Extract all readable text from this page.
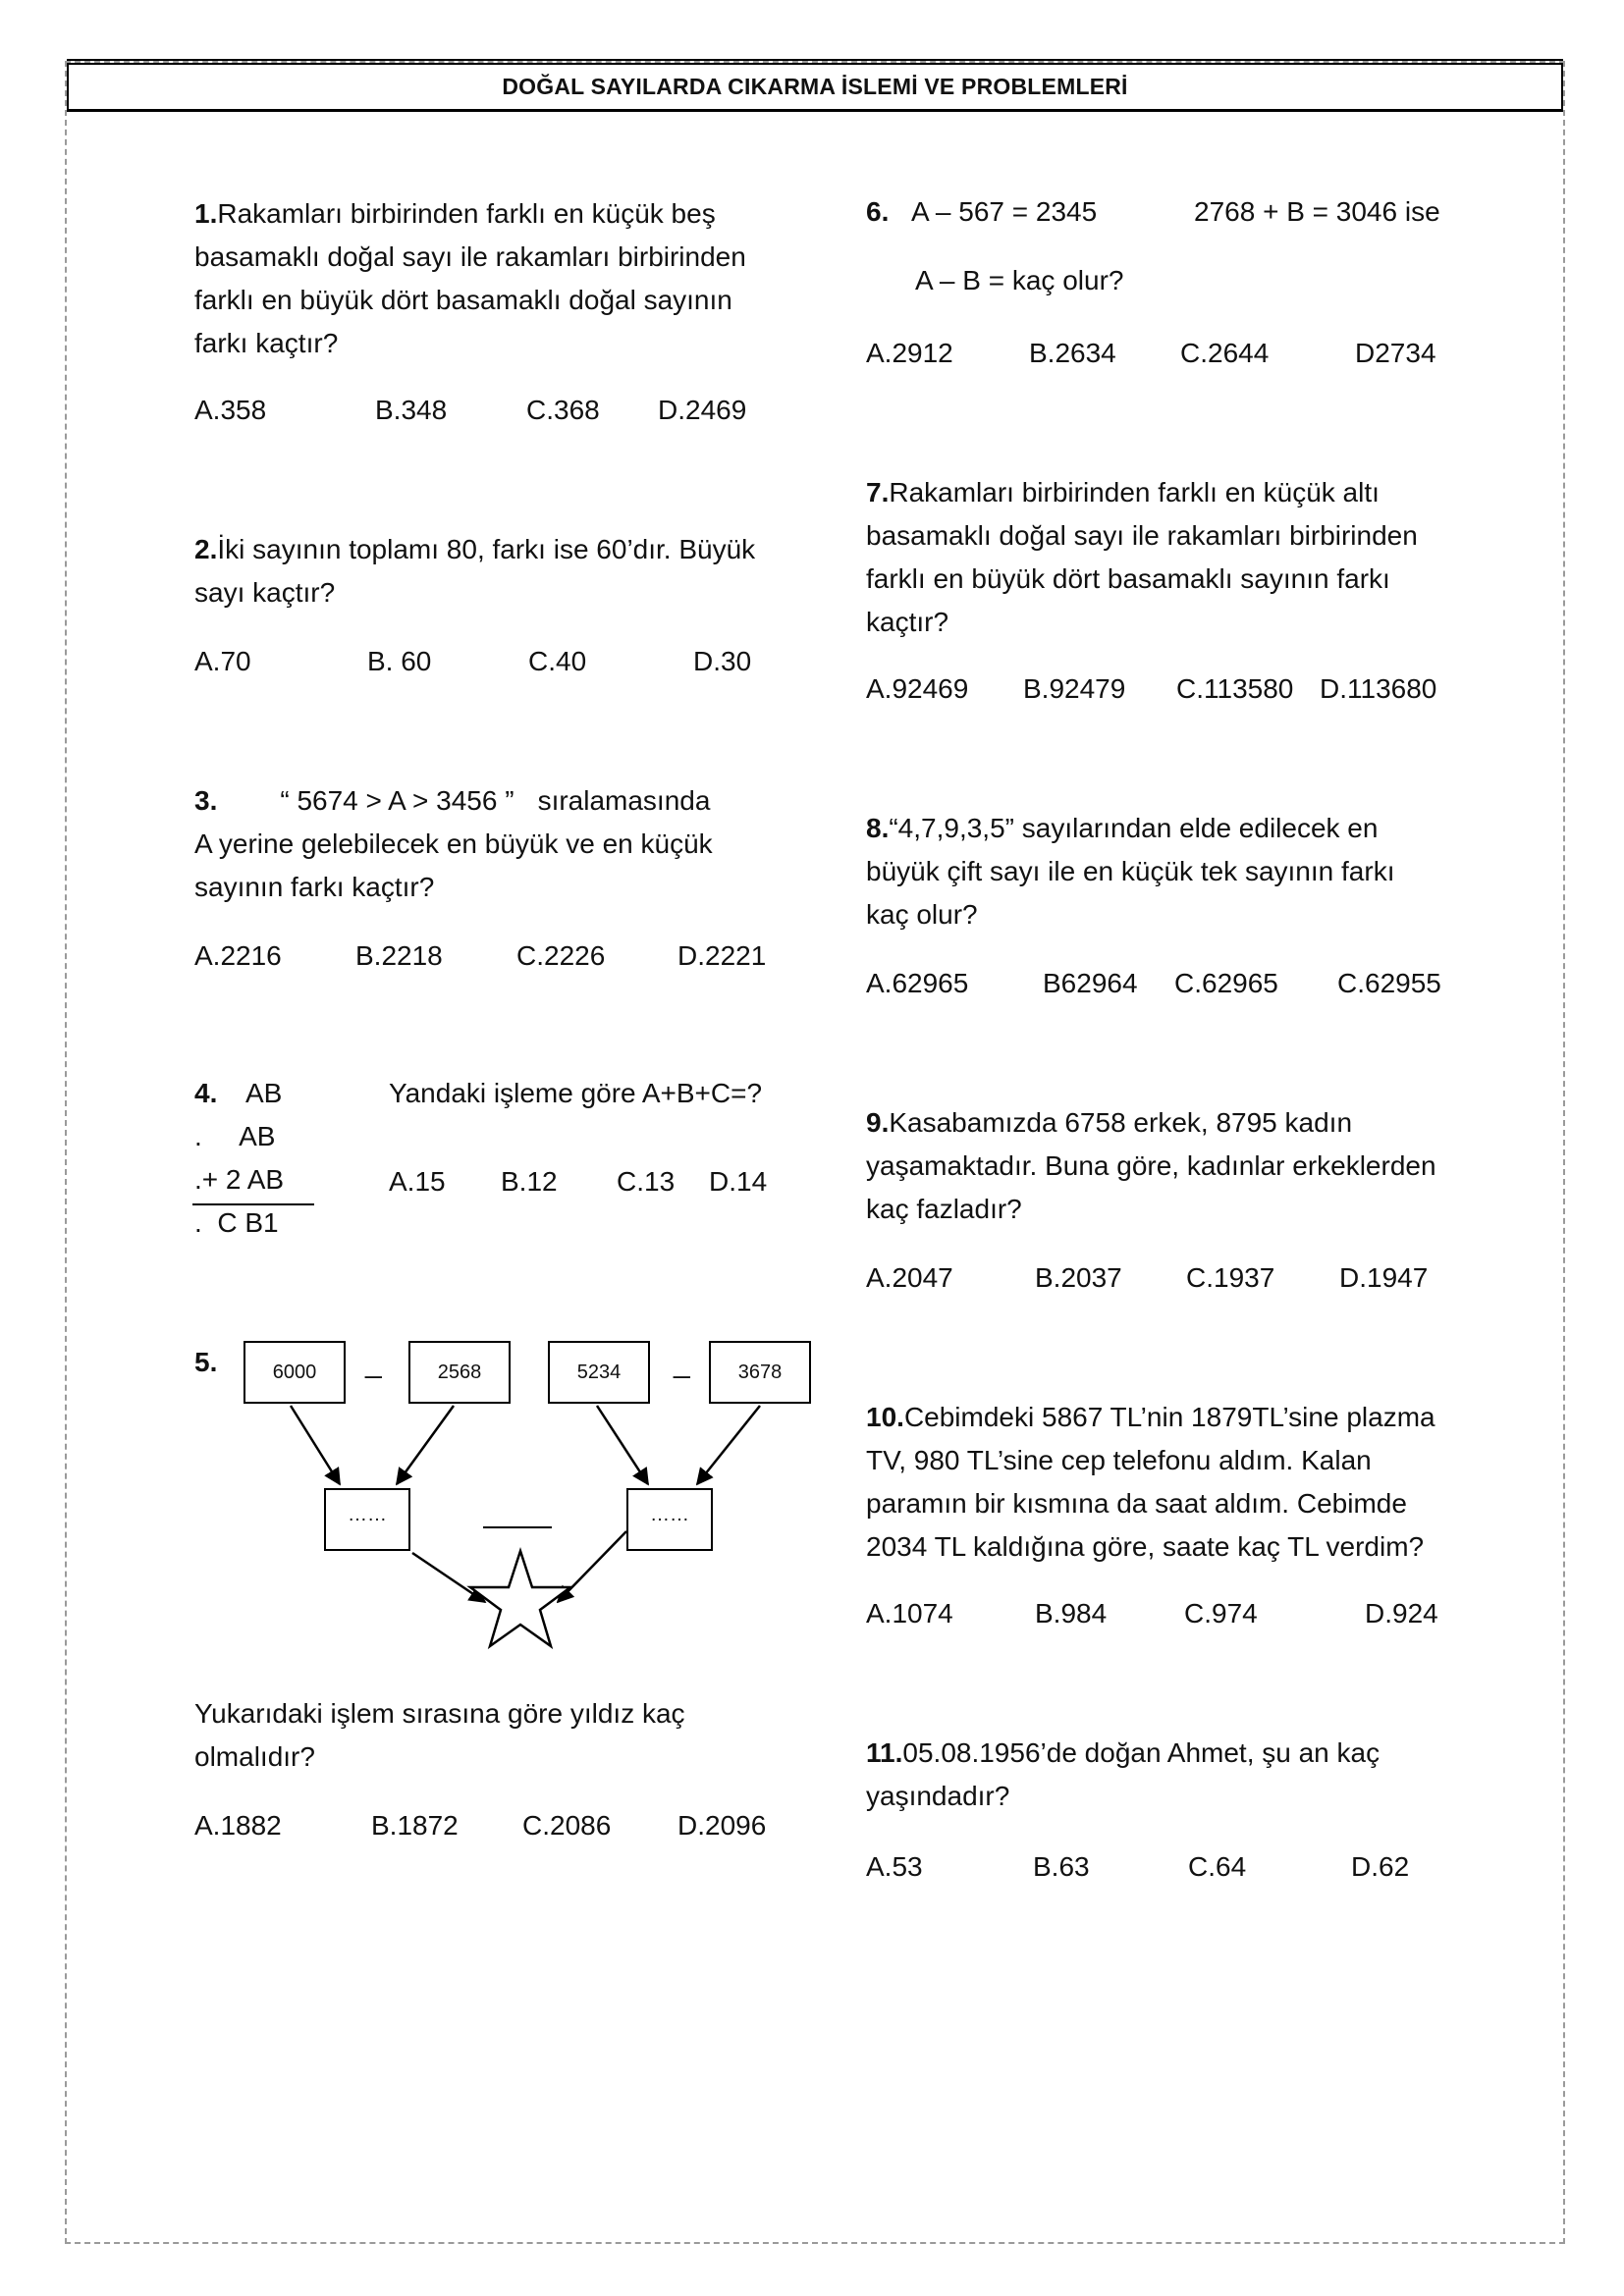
DOĞAL SAYILARDA CIKARMA İSLEMİ VE PROBLEMLERİ
1.Rakamları birbirinden farklı en küçük beş
basamaklı doğal sayı ile rakamları birbirinden
farklı en büyük dört basamaklı doğal sayının
farkı kaçtır?
A.358	B.348	C.368 D.2469
2.İki sayının toplamı 80, farkı ise 60’dır. Büyük
sayı kaçtır?
A.70	B. 60	C.40	D.30
3. “ 5674 > A > 3456 ” sıralamasında
A yerine gelebilecek en büyük ve en küçük
sayının farkı kaçtır?
A.2216	B.2218	C.2226	D.2221
4. AB
.     AB
.+ 2 AB
.  C B1
Yandaki işleme göre A+B+C=?
A.15 B.12 C.13 D.14
5.	6000	2568	5234	3678
_	_
……	……
Yukarıdaki işlem sırasına göre yıldız kaç
olmalıdır?
A.1882	B.1872 C.2086 D.2096
6. A – 567 = 2345	2768 + B = 3046 ise
A – B = kaç olur?
A.2912	B.2634 C.2644	D2734
7.Rakamları birbirinden farklı en küçük altı
basamaklı doğal sayı ile rakamları birbirinden
farklı en büyük dört basamaklı sayının farkı
kaçtır?
A.92469 B.92479 C.113580 D.113680
8.“4,7,9,3,5” sayılarından elde edilecek en
büyük çift sayı ile en küçük tek sayının farkı
kaç olur?
A.62965	B62964 C.62965 C.62955
9.Kasabamızda 6758 erkek, 8795 kadın
yaşamaktadır. Buna göre, kadınlar erkeklerden
kaç fazladır?
A.2047	B.2037 C.1937 D.1947
10.Cebimdeki 5867 TL’nin 1879TL’sine plazma
TV, 980 TL’sine cep telefonu aldım. Kalan
paramın bir kısmına da saat aldım. Cebimde
2034 TL kaldığına göre, saate kaç TL verdim?
A.1074	B.984	C.974	D.924
11.05.08.1956’de doğan Ahmet, şu an kaç
yaşındadır?
A.53	B.63	C.64	D.62
